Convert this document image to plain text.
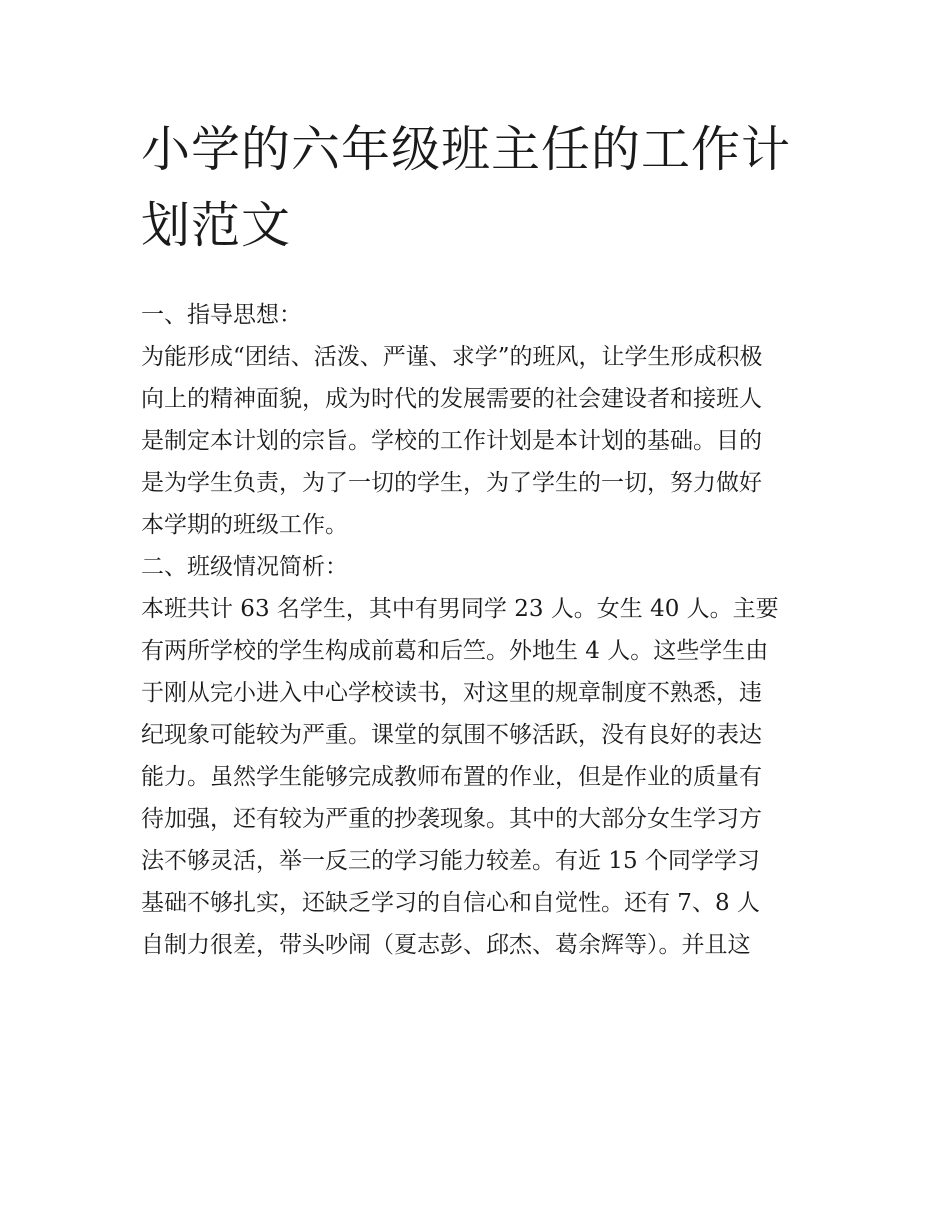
小学的六年级班主任的工作计
划范文
一、指导思想：
为能形成“团结、活泼、严谨、求学”的班风，让学生形成积极
向上的精神面貌，成为时代的发展需要的社会建设者和接班人
是制定本计划的宗旨。学校的工作计划是本计划的基础。目的
是为学生负责，为了一切的学生，为了学生的一切，努力做好
本学期的班级工作。
二、班级情况简析：
本班共计 63 名学生，其中有男同学 23 人。女生 40 人。主要
有两所学校的学生构成前葛和后竺。外地生 4 人。这些学生由
于刚从完小进入中心学校读书，对这里的规章制度不熟悉，违
纪现象可能较为严重。课堂的氛围不够活跃，没有良好的表达
能力。虽然学生能够完成教师布置的作业，但是作业的质量有
待加强，还有较为严重的抄袭现象。其中的大部分女生学习方
法不够灵活，举一反三的学习能力较差。有近 15 个同学学习
基础不够扎实，还缺乏学习的自信心和自觉性。还有 7、8 人
自制力很差，带头吵闹（夏志彭、邱杰、葛余辉等）。并且这
